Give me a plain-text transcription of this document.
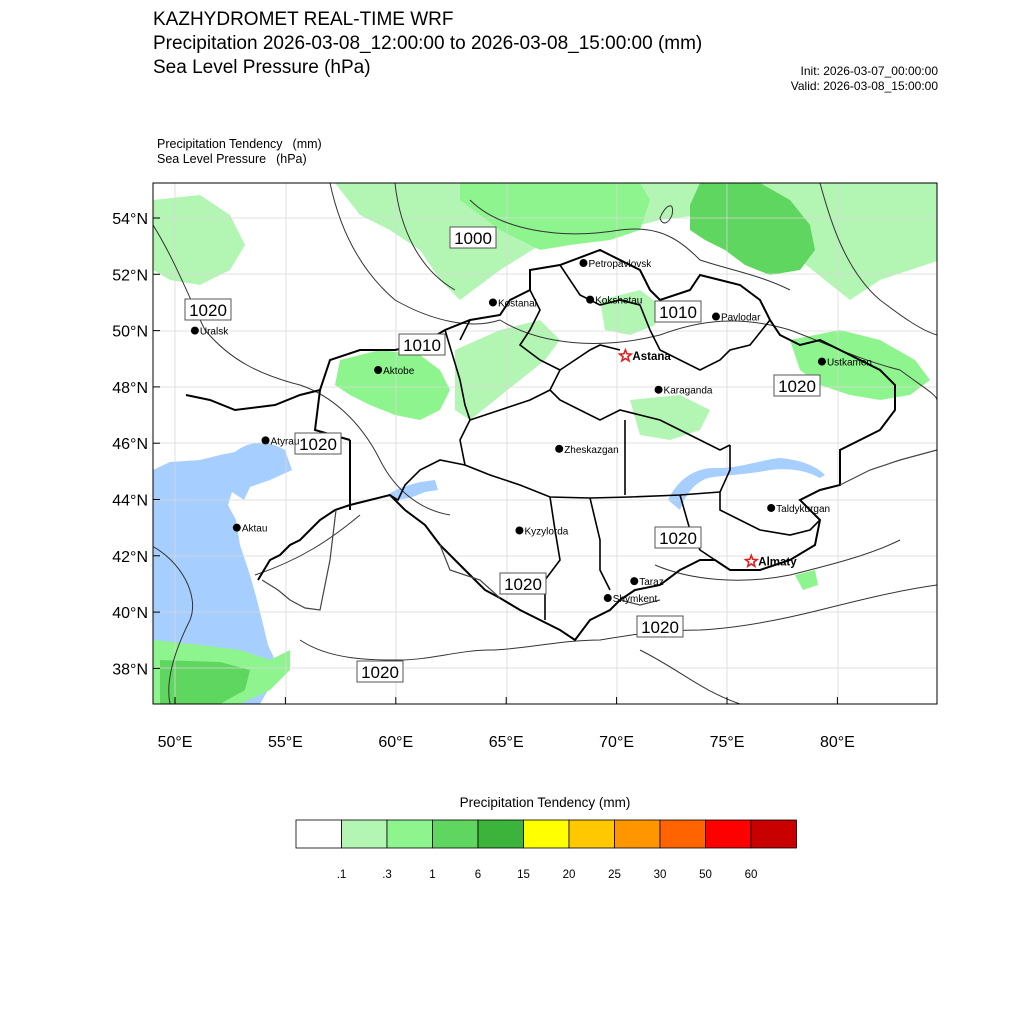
KAZHYDROMET REAL-TIME WRF
Precipitation 2026-03-08_12:00:00 to 2026-03-08_15:00:00 (mm)
Sea Level Pressure (hPa)	Init: 2026-03-07_00:00:00
Valid: 2026-03-08_15:00:00
Precipitation Tendency (mm)
Sea Level Pressure (hPa)
54°N
52°N
50°N
48°N
46°N
44°N
42°N
40°N
38°N
50°E	55°E	60°E	65°E	70°E	75°E	80°E
1000
1010
1010
1020
1020
1020
1020
1020
1020
1020
Petropavlovsk
Kostanai	Kokshetau
Pavlodar
Uralsk
Aktobe
Astana
Ustkamen
Karaganda
Atyrau
Zheskazgan
Aktau	Kyzylorda
Taldykurgan
Almaty
Taraz
Shymkent
.1	.3	1	6	15	20	25	30	50	60
Precipitation Tendency (mm)
